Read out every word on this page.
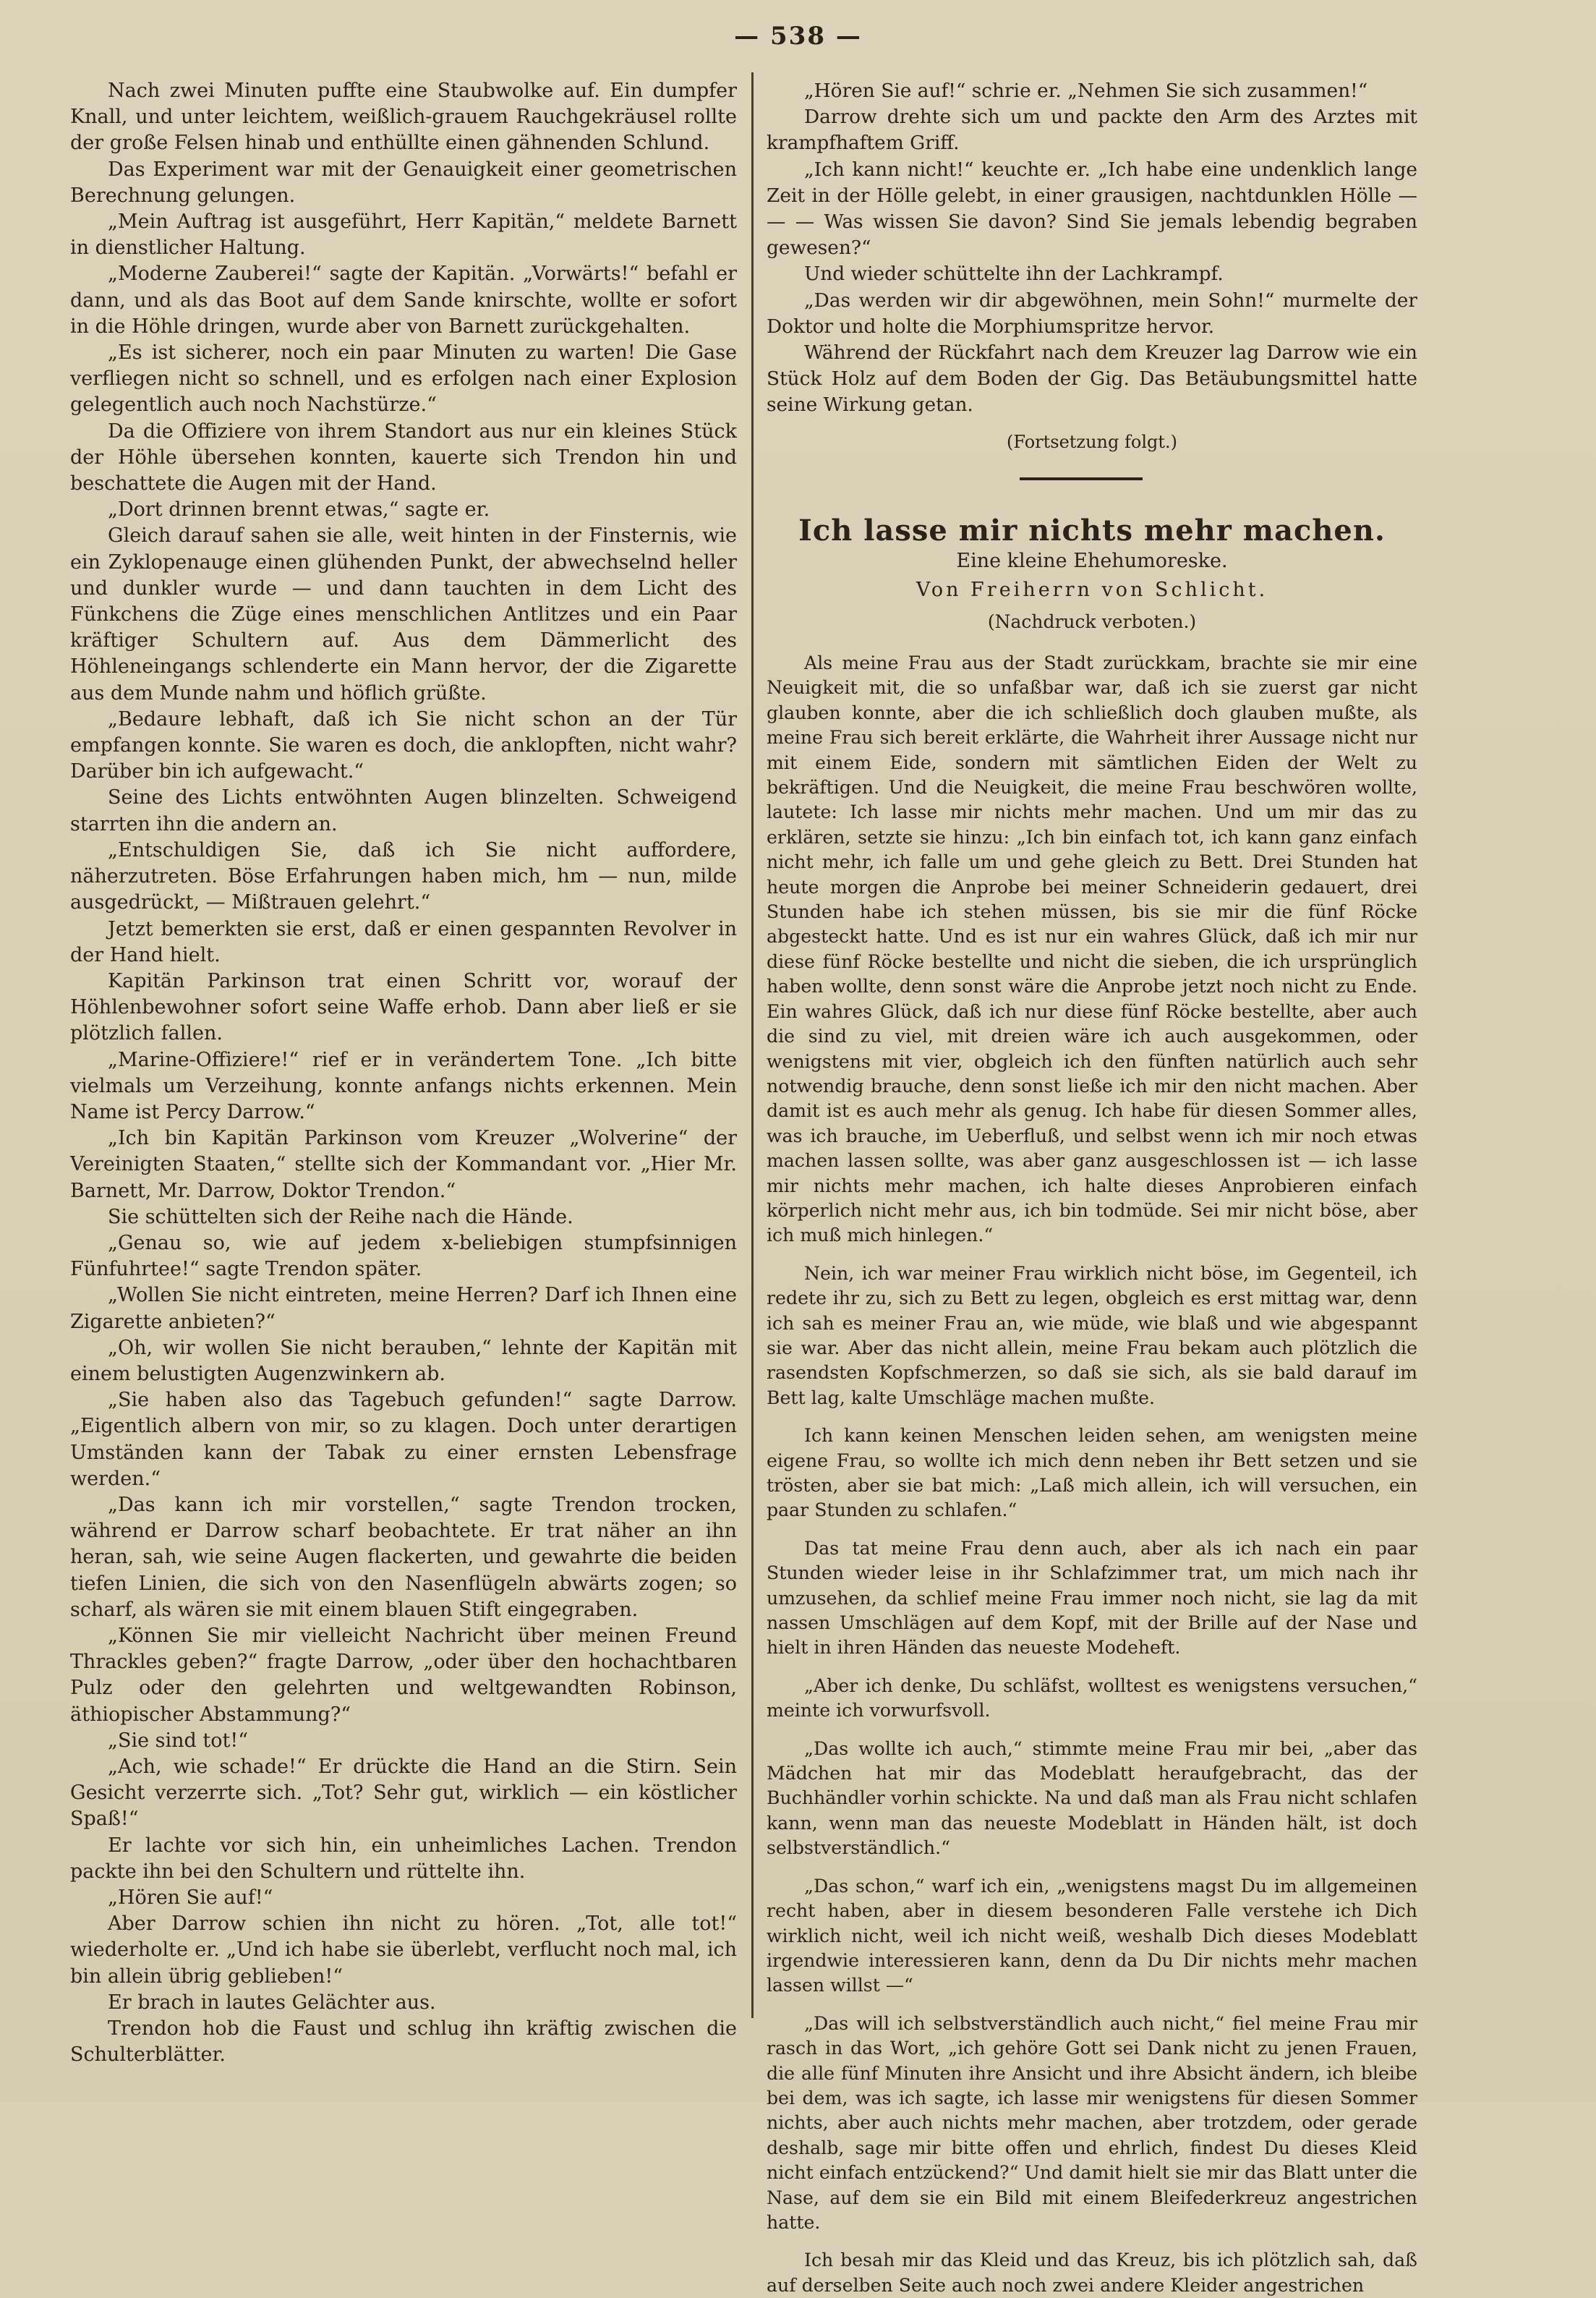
— 538 —

Nach zwei Minuten puffte eine Staubwolke auf. Ein dumpfer Knall, und unter leichtem, weißlich-grauem Rauchgekräusel rollte der große Felsen hinab und enthüllte einen gähnenden Schlund.

Das Experiment war mit der Genauigkeit einer geometrischen Berechnung gelungen.

„Mein Auftrag ist ausgeführt, Herr Kapitän,“ meldete Barnett in dienstlicher Haltung.

„Moderne Zauberei!“ sagte der Kapitän. „Vorwärts!“ befahl er dann, und als das Boot auf dem Sande knirschte, wollte er sofort in die Höhle dringen, wurde aber von Barnett zurückgehalten.

„Es ist sicherer, noch ein paar Minuten zu warten! Die Gase verfliegen nicht so schnell, und es erfolgen nach einer Explosion gelegentlich auch noch Nachstürze.“

Da die Offiziere von ihrem Standort aus nur ein kleines Stück der Höhle übersehen konnten, kauerte sich Trendon hin und beschattete die Augen mit der Hand.

„Dort drinnen brennt etwas,“ sagte er.

Gleich darauf sahen sie alle, weit hinten in der Finsternis, wie ein Zyklopenauge einen glühenden Punkt, der abwechselnd heller und dunkler wurde — und dann tauchten in dem Licht des Fünkchens die Züge eines menschlichen Antlitzes und ein Paar kräftiger Schultern auf. Aus dem Dämmerlicht des Höhleneingangs schlenderte ein Mann hervor, der die Zigarette aus dem Munde nahm und höflich grüßte.

„Bedaure lebhaft, daß ich Sie nicht schon an der Tür empfangen konnte. Sie waren es doch, die anklopften, nicht wahr? Darüber bin ich aufgewacht.“

Seine des Lichts entwöhnten Augen blinzelten. Schweigend starrten ihn die andern an.

„Entschuldigen Sie, daß ich Sie nicht auffordere, näherzutreten. Böse Erfahrungen haben mich, hm — nun, milde ausgedrückt, — Mißtrauen gelehrt.“

Jetzt bemerkten sie erst, daß er einen gespannten Revolver in der Hand hielt.

Kapitän Parkinson trat einen Schritt vor, worauf der Höhlenbewohner sofort seine Waffe erhob. Dann aber ließ er sie plötzlich fallen.

„Marine-Offiziere!“ rief er in verändertem Tone. „Ich bitte vielmals um Verzeihung, konnte anfangs nichts erkennen. Mein Name ist Percy Darrow.“

„Ich bin Kapitän Parkinson vom Kreuzer „Wolverine“ der Vereinigten Staaten,“ stellte sich der Kommandant vor. „Hier Mr. Barnett, Mr. Darrow, Doktor Trendon.“

Sie schüttelten sich der Reihe nach die Hände.

„Genau so, wie auf jedem x-beliebigen stumpfsinnigen Fünfuhrtee!“ sagte Trendon später.

„Wollen Sie nicht eintreten, meine Herren? Darf ich Ihnen eine Zigarette anbieten?“

„Oh, wir wollen Sie nicht berauben,“ lehnte der Kapitän mit einem belustigten Augenzwinkern ab.

„Sie haben also das Tagebuch gefunden!“ sagte Darrow. „Eigentlich albern von mir, so zu klagen. Doch unter derartigen Umständen kann der Tabak zu einer ernsten Lebensfrage werden.“

„Das kann ich mir vorstellen,“ sagte Trendon trocken, während er Darrow scharf beobachtete. Er trat näher an ihn heran, sah, wie seine Augen flackerten, und gewahrte die beiden tiefen Linien, die sich von den Nasenflügeln abwärts zogen; so scharf, als wären sie mit einem blauen Stift eingegraben.

„Können Sie mir vielleicht Nachricht über meinen Freund Thrackles geben?“ fragte Darrow, „oder über den hochachtbaren Pulz oder den gelehrten und weltgewandten Robinson, äthiopischer Abstammung?“

„Sie sind tot!“

„Ach, wie schade!“ Er drückte die Hand an die Stirn. Sein Gesicht verzerrte sich. „Tot? Sehr gut, wirklich — ein köstlicher Spaß!“

Er lachte vor sich hin, ein unheimliches Lachen. Trendon packte ihn bei den Schultern und rüttelte ihn.

„Hören Sie auf!“

Aber Darrow schien ihn nicht zu hören. „Tot, alle tot!“ wiederholte er. „Und ich habe sie überlebt, verflucht noch mal, ich bin allein übrig geblieben!“

Er brach in lautes Gelächter aus.

Trendon hob die Faust und schlug ihn kräftig zwischen die Schulterblätter.

„Hören Sie auf!“ schrie er. „Nehmen Sie sich zusammen!“

Darrow drehte sich um und packte den Arm des Arztes mit krampfhaftem Griff.

„Ich kann nicht!“ keuchte er. „Ich habe eine undenklich lange Zeit in der Hölle gelebt, in einer grausigen, nachtdunklen Hölle — — — Was wissen Sie davon? Sind Sie jemals lebendig begraben gewesen?“

Und wieder schüttelte ihn der Lachkrampf.

„Das werden wir dir abgewöhnen, mein Sohn!“ murmelte der Doktor und holte die Morphiumspritze hervor.

Während der Rückfahrt nach dem Kreuzer lag Darrow wie ein Stück Holz auf dem Boden der Gig. Das Betäubungsmittel hatte seine Wirkung getan.

(Fortsetzung folgt.)

Ich lasse mir nichts mehr machen.
Eine kleine Ehehumoreske.
Von Freiherrn von Schlicht.
(Nachdruck verboten.)

Als meine Frau aus der Stadt zurückkam, brachte sie mir eine Neuigkeit mit, die so unfaßbar war, daß ich sie zuerst gar nicht glauben konnte, aber die ich schließlich doch glauben mußte, als meine Frau sich bereit erklärte, die Wahrheit ihrer Aussage nicht nur mit einem Eide, sondern mit sämtlichen Eiden der Welt zu bekräftigen. Und die Neuigkeit, die meine Frau beschwören wollte, lautete: Ich lasse mir nichts mehr machen. Und um mir das zu erklären, setzte sie hinzu: „Ich bin einfach tot, ich kann ganz einfach nicht mehr, ich falle um und gehe gleich zu Bett. Drei Stunden hat heute morgen die Anprobe bei meiner Schneiderin gedauert, drei Stunden habe ich stehen müssen, bis sie mir die fünf Röcke abgesteckt hatte. Und es ist nur ein wahres Glück, daß ich mir nur diese fünf Röcke bestellte und nicht die sieben, die ich ursprünglich haben wollte, denn sonst wäre die Anprobe jetzt noch nicht zu Ende. Ein wahres Glück, daß ich nur diese fünf Röcke bestellte, aber auch die sind zu viel, mit dreien wäre ich auch ausgekommen, oder wenigstens mit vier, obgleich ich den fünften natürlich auch sehr notwendig brauche, denn sonst ließe ich mir den nicht machen. Aber damit ist es auch mehr als genug. Ich habe für diesen Sommer alles, was ich brauche, im Ueberfluß, und selbst wenn ich mir noch etwas machen lassen sollte, was aber ganz ausgeschlossen ist — ich lasse mir nichts mehr machen, ich halte dieses Anprobieren einfach körperlich nicht mehr aus, ich bin todmüde. Sei mir nicht böse, aber ich muß mich hinlegen.“

Nein, ich war meiner Frau wirklich nicht böse, im Gegenteil, ich redete ihr zu, sich zu Bett zu legen, obgleich es erst mittag war, denn ich sah es meiner Frau an, wie müde, wie blaß und wie abgespannt sie war. Aber das nicht allein, meine Frau bekam auch plötzlich die rasendsten Kopfschmerzen, so daß sie sich, als sie bald darauf im Bett lag, kalte Umschläge machen mußte.

Ich kann keinen Menschen leiden sehen, am wenigsten meine eigene Frau, so wollte ich mich denn neben ihr Bett setzen und sie trösten, aber sie bat mich: „Laß mich allein, ich will versuchen, ein paar Stunden zu schlafen.“

Das tat meine Frau denn auch, aber als ich nach ein paar Stunden wieder leise in ihr Schlafzimmer trat, um mich nach ihr umzusehen, da schlief meine Frau immer noch nicht, sie lag da mit nassen Umschlägen auf dem Kopf, mit der Brille auf der Nase und hielt in ihren Händen das neueste Modeheft.

„Aber ich denke, Du schläfst, wolltest es wenigstens versuchen,“ meinte ich vorwurfsvoll.

„Das wollte ich auch,“ stimmte meine Frau mir bei, „aber das Mädchen hat mir das Modeblatt heraufgebracht, das der Buchhändler vorhin schickte. Na und daß man als Frau nicht schlafen kann, wenn man das neueste Modeblatt in Händen hält, ist doch selbstverständlich.“

„Das schon,“ warf ich ein, „wenigstens magst Du im allgemeinen recht haben, aber in diesem besonderen Falle verstehe ich Dich wirklich nicht, weil ich nicht weiß, weshalb Dich dieses Modeblatt irgendwie interessieren kann, denn da Du Dir nichts mehr machen lassen willst —“

„Das will ich selbstverständlich auch nicht,“ fiel meine Frau mir rasch in das Wort, „ich gehöre Gott sei Dank nicht zu jenen Frauen, die alle fünf Minuten ihre Ansicht und ihre Absicht ändern, ich bleibe bei dem, was ich sagte, ich lasse mir wenigstens für diesen Sommer nichts, aber auch nichts mehr machen, aber trotzdem, oder gerade deshalb, sage mir bitte offen und ehrlich, findest Du dieses Kleid nicht einfach entzückend?“ Und damit hielt sie mir das Blatt unter die Nase, auf dem sie ein Bild mit einem Bleifederkreuz angestrichen hatte.

Ich besah mir das Kleid und das Kreuz, bis ich plötzlich sah, daß auf derselben Seite auch noch zwei andere Kleider angestrichen
